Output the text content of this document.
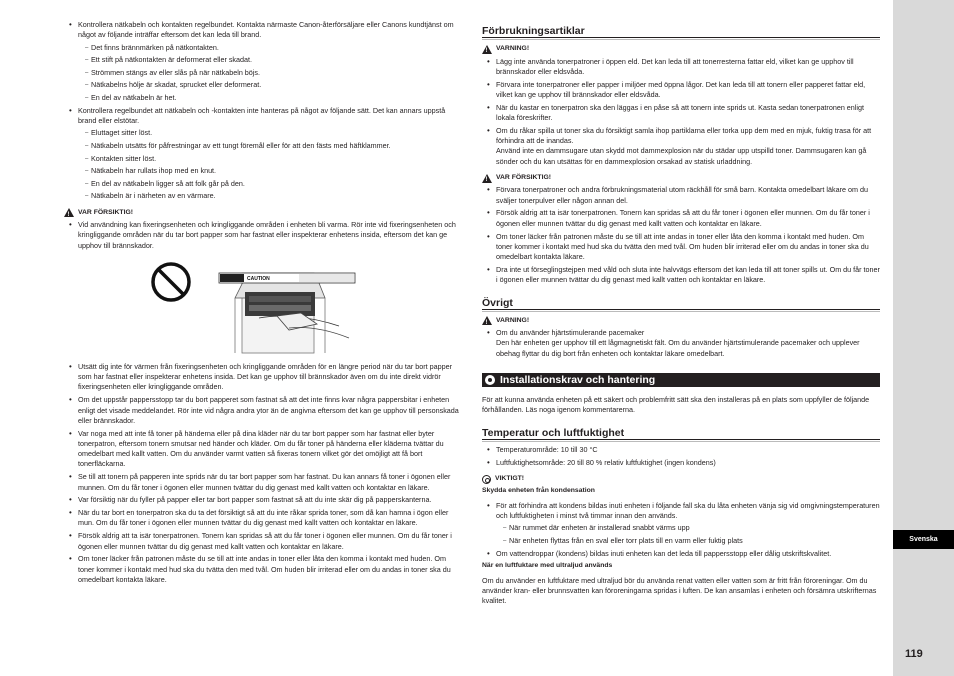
• Kontrollera nätkabeln och kontakten regelbundet. Kontakta närmaste Canon-återförsäljare eller Canons kundtjänst om något av följande inträffar eftersom det kan leda till brand.
– Det finns brännmärken på nätkontakten.
– Ett stift på nätkontakten är deformerat eller skadat.
– Strömmen stängs av eller slås på när nätkabeln böjs.
– Nätkabelns hölje är skadat, sprucket eller deformerat.
– En del av nätkabeln är het.
• Kontrollera regelbundet att nätkabeln och -kontakten inte hanteras på något av följande sätt. Det kan annars uppstå brand eller elstötar.
– Eluttaget sitter löst.
– Nätkabeln utsätts för påfrestningar av ett tungt föremål eller för att den fästs med häftklammer.
– Kontakten sitter löst.
– Nätkabeln har rullats ihop med en knut.
– En del av nätkabeln ligger så att folk går på den.
– Nätkabeln är i närheten av en värmare.
!
VAR FÖRSIKTIG!
• Vid användning kan fixeringsenheten och kringliggande områden i enheten bli varma. Rör inte vid fixeringsenheten och kringliggande områden när du tar bort papper som har fastnat eller inspekterar enhetens insida, eftersom det kan ge upphov till brännskador.
CAUTION
• Utsätt dig inte för värmen från fixeringsenheten och kringliggande områden för en längre period när du tar bort papper som har fastnat eller inspekterar enhetens insida. Det kan ge upphov till brännskador även om du inte direkt vidrör fixeringsenheten eller kringliggande områden.
• Om det uppstår pappersstopp tar du bort papperet som fastnat så att det inte finns kvar några pappersbitar i enheten enligt det visade meddelandet. Rör inte vid några andra ytor än de angivna eftersom det kan ge upphov till personskada eller brännskador.
• Var noga med att inte få toner på händerna eller på dina kläder när du tar bort papper som har fastnat eller byter tonerpatron, eftersom tonern smutsar ned händer och kläder. Om du får toner på händerna eller kläderna tvättar du omedelbart med kallt vatten. Om du använder varmt vatten så fixeras tonern vilket gör det omöjligt att få bort tonerfläckarna.
• Se till att tonern på papperen inte sprids när du tar bort papper som har fastnat. Du kan annars få toner i ögonen eller munnen. Om du får toner i ögonen eller munnen tvättar du dig genast med kallt vatten och kontaktar en läkare.
• Var försiktig när du fyller på papper eller tar bort papper som fastnat så att du inte skär dig på papperskanterna.
• När du tar bort en tonerpatron ska du ta det försiktigt så att du inte råkar sprida toner, som då kan hamna i ögon eller mun. Om du får toner i ögonen eller munnen tvättar du dig genast med kallt vatten och kontaktar en läkare.
• Försök aldrig att ta isär tonerpatronen. Tonern kan spridas så att du får toner i ögonen eller munnen. Om du får toner i ögonen eller munnen tvättar du dig genast med kallt vatten och kontaktar en läkare.
• Om toner läcker från patronen måste du se till att inte andas in toner eller låta den komma i kontakt med huden. Om toner kommer i kontakt med hud ska du tvätta den med tvål. Om huden blir irriterad eller om du andas in toner ska du omedelbart kontakta läkare.
Förbrukningsartiklar
!
VARNING!
• Lägg inte använda tonerpatroner i öppen eld. Det kan leda till att tonerresterna fattar eld, vilket kan ge upphov till brännskador eller eldsvåda.
• Förvara inte tonerpatroner eller papper i miljöer med öppna lågor. Det kan leda till att tonern eller papperet fattar eld, vilket kan ge upphov till brännskador eller eldsvåda.
• När du kastar en tonerpatron ska den läggas i en påse så att tonern inte sprids ut. Kasta sedan tonerpatronen enligt lokala föreskrifter.
• Om du råkar spilla ut toner ska du försiktigt samla ihop partiklarna eller torka upp dem med en mjuk, fuktig trasa för att förhindra att de inandas.
Använd inte en dammsugare utan skydd mot dammexplosion när du städar upp utspilld toner. Dammsugaren kan gå sönder och du kan utsättas för en dammexplosion orsakad av statisk urladdning.
!
VAR FÖRSIKTIG!
• Förvara tonerpatroner och andra förbrukningsmaterial utom räckhåll för små barn. Kontakta omedelbart läkare om du sväljer tonerpulver eller någon annan del.
• Försök aldrig att ta isär tonerpatronen. Tonern kan spridas så att du får toner i ögonen eller munnen. Om du får toner i ögonen eller munnen tvättar du dig genast med kallt vatten och kontaktar en läkare.
• Om toner läcker från patronen måste du se till att inte andas in toner eller låta den komma i kontakt med huden. Om toner kommer i kontakt med hud ska du tvätta den med tvål. Om huden blir irriterad eller om du andas in toner ska du omedelbart kontakta läkare.
• Dra inte ut förseglingstejpen med våld och sluta inte halvvägs eftersom det kan leda till att toner spills ut. Om du får toner i ögonen eller munnen tvättar du dig genast med kallt vatten och kontaktar en läkare.
Övrigt
!
VARNING!
• Om du använder hjärtstimulerande pacemaker
Den här enheten ger upphov till ett lågmagnetiskt fält. Om du använder hjärtstimulerande pacemaker och upplever obehag flyttar du dig bort från enheten och kontaktar läkare omedelbart.
Installationskrav och hantering

För att kunna använda enheten på ett säkert och problemfritt sätt ska den installeras på en plats som uppfyller de följande förhållanden. Läs noga igenom kommentarerna.

Temperatur och luftfuktighet
• Temperaturområde: 10 till 30 °C
• Luftfuktighetsområde: 20 till 80 % relativ luftfuktighet (ingen kondens)
VIKTIGT!
Skydda enheten från kondensation
• För att förhindra att kondens bildas inuti enheten i följande fall ska du låta enheten vänja sig vid omgivningstemperaturen och luftfuktigheten i minst två timmar innan den används.
– När rummet där enheten är installerad snabbt värms upp
– När enheten flyttas från en sval eller torr plats till en varm eller fuktig plats
• Om vattendroppar (kondens) bildas inuti enheten kan det leda till pappersstopp eller dålig utskriftskvalitet.
När en luftfuktare med ultraljud används

Om du använder en luftfuktare med ultraljud bör du använda renat vatten eller vatten som är fritt från föroreningar. Om du använder kran- eller brunnsvatten kan föroreningarna spridas i luften. De kan ansamlas i enheten och försämra utskrifternas kvalitet.

Svenska
119
